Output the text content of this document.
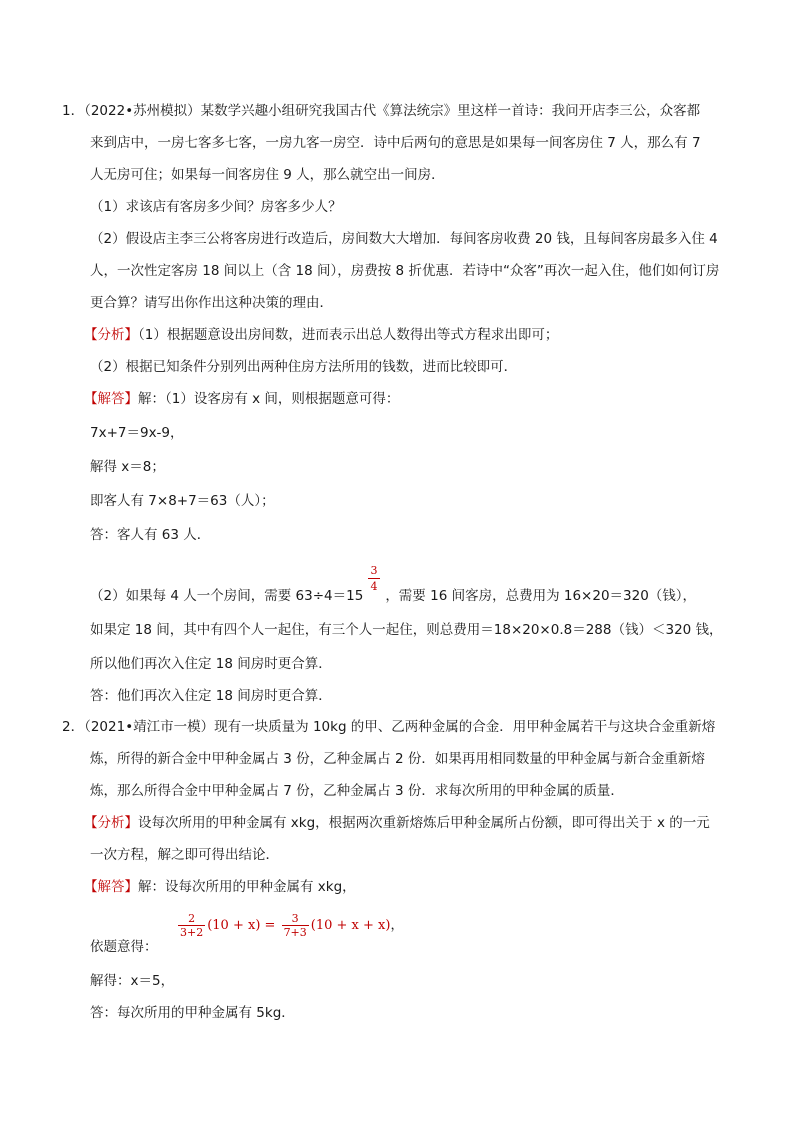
1．（2022•苏州模拟）某数学兴趣小组研究我国古代《算法统宗》里这样一首诗：我问开店李三公，众客都
来到店中，一房七客多七客，一房九客一房空．诗中后两句的意思是如果每一间客房住 7 人，那么有 7
人无房可住；如果每一间客房住 9 人，那么就空出一间房．
（1）求该店有客房多少间？房客多少人？
（2）假设店主李三公将客房进行改造后，房间数大大增加．每间客房收费 20 钱，且每间客房最多入住 4
人，一次性定客房 18 间以上（含 18 间），房费按 8 折优惠．若诗中“众客”再次一起入住，他们如何订房
更合算？请写出你作出这种决策的理由．
【分析】（1）根据题意设出房间数，进而表示出总人数得出等式方程求出即可；
（2）根据已知条件分别列出两种住房方法所用的钱数，进而比较即可．
【解答】解：（1）设客房有 x 间，则根据题意可得：
7x+7＝9x-9，
解得 x＝8；
即客人有 7×8+7＝63（人）；
答：客人有 63 人．
（2）如果每 4 人一个房间，需要 63÷4＝15 ，需要 16 间客房，总费用为 16×20＝320（钱），
3
4
如果定 18 间，其中有四个人一起住，有三个人一起住，则总费用＝18×20×0.8＝288（钱）＜320 钱，
所以他们再次入住定 18 间房时更合算．
答：他们再次入住定 18 间房时更合算．
2．（2021•靖江市一模）现有一块质量为 10kg 的甲、乙两种金属的合金．用甲种金属若干与这块合金重新熔
炼，所得的新合金中甲种金属占 3 份，乙种金属占 2 份．如果再用相同数量的甲种金属与新合金重新熔
炼，那么所得合金中甲种金属占 7 份，乙种金属占 3 份．求每次所用的甲种金属的质量．
【分析】设每次所用的甲种金属有 xkg，根据两次重新熔炼后甲种金属所占份额，即可得出关于 x 的一元
一次方程，解之即可得出结论．
【解答】解：设每次所用的甲种金属有 xkg，
依题意得：
$\frac{2}{3+2} (10 + x) = \frac{3}{7+3} (10 + x + x)$，
解得：x＝5，
答：每次所用的甲种金属有 5kg．
